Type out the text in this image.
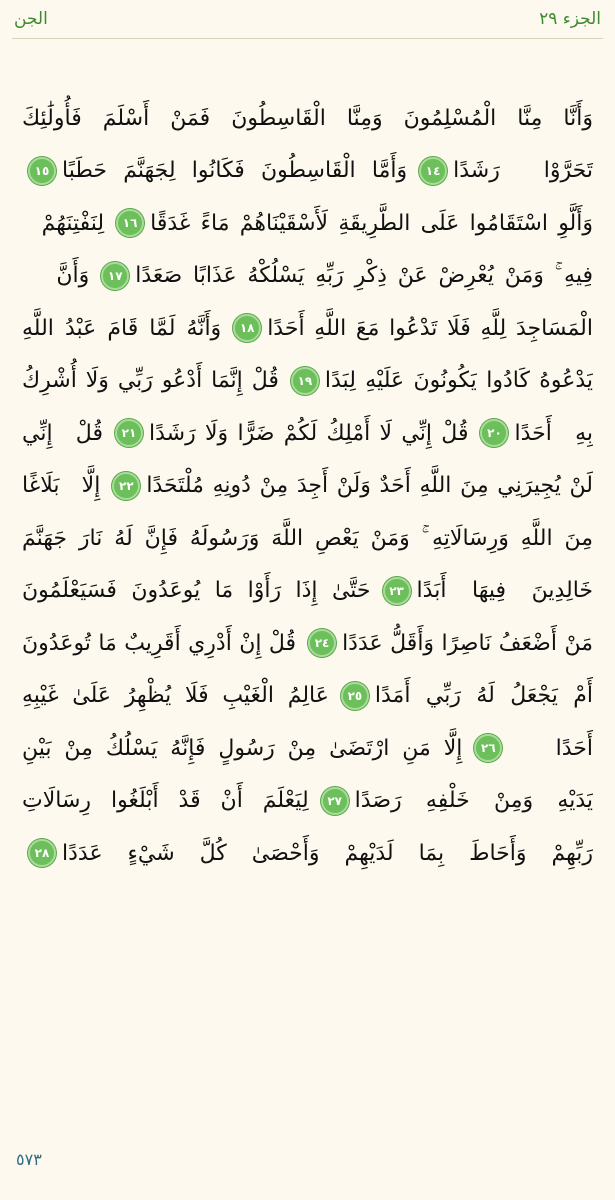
الجزء ٢٩
الجن
وَأَنَّا مِنَّا الْمُسْلِمُونَ وَمِنَّا الْقَاسِطُونَ فَمَنْ أَسْلَمَ فَأُولَٰئِكَ
تَحَرَّوْا رَشَدًا
١٤
وَأَمَّا الْقَاسِطُونَ فَكَانُوا لِجَهَنَّمَ حَطَبًا
١٥
وَأَلَّوِ اسْتَقَامُوا عَلَى الطَّرِيقَةِ لَأَسْقَيْنَاهُمْ مَاءً غَدَقًا
١٦
لِنَفْتِنَهُمْ
فِيهِ ۚ وَمَنْ يُعْرِضْ عَنْ ذِكْرِ رَبِّهِ يَسْلُكْهُ عَذَابًا صَعَدًا
١٧
وَأَنَّ
الْمَسَاجِدَ لِلَّهِ فَلَا تَدْعُوا مَعَ اللَّهِ أَحَدًا
١٨
وَأَنَّهُ لَمَّا قَامَ عَبْدُ اللَّهِ
يَدْعُوهُ كَادُوا يَكُونُونَ عَلَيْهِ لِبَدًا
١٩
قُلْ إِنَّمَا أَدْعُو رَبِّي وَلَا أُشْرِكُ
بِهِ أَحَدًا
٢٠
قُلْ إِنِّي لَا أَمْلِكُ لَكُمْ ضَرًّا وَلَا رَشَدًا
٢١
قُلْ إِنِّي
لَنْ يُجِيرَنِي مِنَ اللَّهِ أَحَدٌ وَلَنْ أَجِدَ مِنْ دُونِهِ مُلْتَحَدًا
٢٢
إِلَّا بَلَاغًا
مِنَ اللَّهِ وَرِسَالَاتِهِ ۚ وَمَنْ يَعْصِ اللَّهَ وَرَسُولَهُ فَإِنَّ لَهُ نَارَ جَهَنَّمَ
خَالِدِينَ فِيهَا أَبَدًا
٢٣
حَتَّىٰ إِذَا رَأَوْا مَا يُوعَدُونَ فَسَيَعْلَمُونَ
مَنْ أَضْعَفُ نَاصِرًا وَأَقَلُّ عَدَدًا
٢٤
قُلْ إِنْ أَدْرِي أَقَرِيبٌ مَا تُوعَدُونَ
أَمْ يَجْعَلُ لَهُ رَبِّي أَمَدًا
٢٥
عَالِمُ الْغَيْبِ فَلَا يُظْهِرُ عَلَىٰ غَيْبِهِ
أَحَدًا
٢٦
إِلَّا مَنِ ارْتَضَىٰ مِنْ رَسُولٍ فَإِنَّهُ يَسْلُكُ مِنْ بَيْنِ
يَدَيْهِ وَمِنْ خَلْفِهِ رَصَدًا
٢٧
لِيَعْلَمَ أَنْ قَدْ أَبْلَغُوا رِسَالَاتِ
رَبِّهِمْ وَأَحَاطَ بِمَا لَدَيْهِمْ وَأَحْصَىٰ كُلَّ شَيْءٍ عَدَدًا
٢٨
٥٧٣
